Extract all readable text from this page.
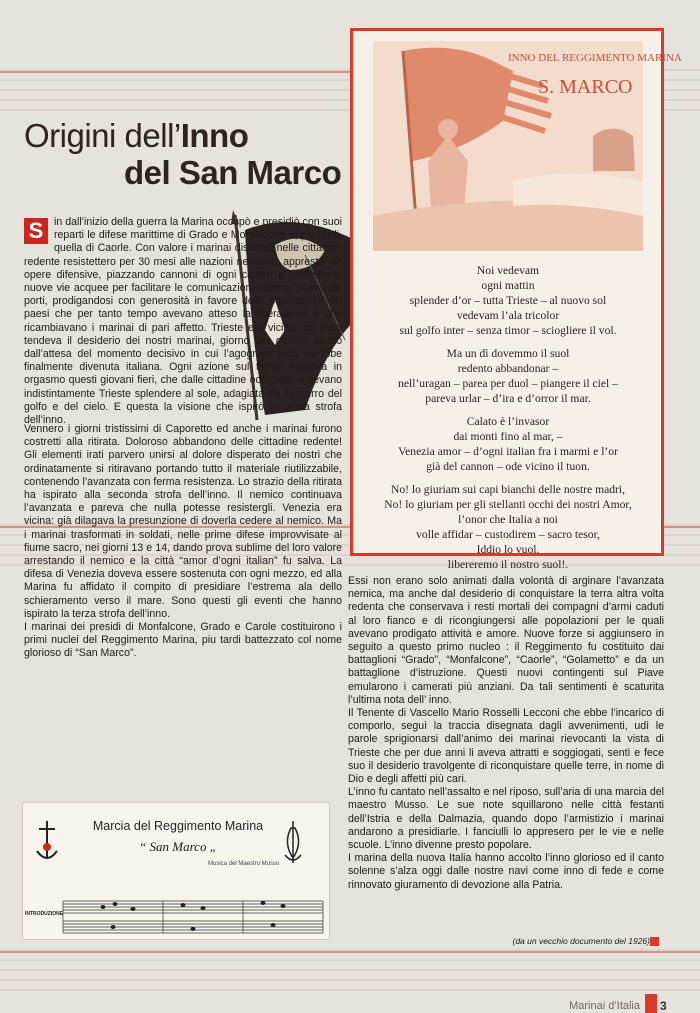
Origini dell’Inno
del San Marco
S	in dall’inizio della guerra la Marina occupò e presidiò con suoi reparti le difese marittime di Grado e Monfalcone e, più tardi, quella di Caorle. Con valore i marinai dislocati nelle cittadine redente resistettero per 30 mesi alle nazioni nemiche, apprestando opere difensive, piazzando cannoni di ogni calibro e costruendo nuove vie acquee per facilitare le comunicazioni interne, scavando porti, prodigandosi con generosità in favore delle popolazioni dei paesi che per tanto tempo avevano atteso la liberazione e che ricambiavano i marinai di pari affetto. Trieste era vicina: ad essa tendeva il desiderio dei nostri marinai, giorno per giorno, acuito dall’attesa del momento decisivo in cui l’agognata città sarebbe finalmente divenuta italiana. Ogni azione sul fronte metteva in orgasmo questi giovani fieri, che dalle cittadine occupate vedevano indistintamente Trieste splendere al sole, adagiata tra l’azzurro del golfo e del cielo. E questa la visione che ispirò la prima strofa dell’inno.

Vennero i giorni tristissimi di Caporetto ed anche i marinai furono costretti alla ritirata. Doloroso abbandono delle cittadine redente! Gli elementi irati parvero unirsi al dolore disperato dei nostri che ordinatamente si ritiravano portando tutto il materiale riutilizzabile, contenendo l’avanzata con ferma resistenza. Lo strazio della ritirata ha ispirato alla seconda strofa dell’inno. Il nemico continuava l’avanzata e pareva che nulla potesse resistergli. Venezia era vicina: già dilagava la presunzione di doverla cedere al nemico. Ma i marinai trasformati in soldati, nelle prime difese improvvisate al fiume sacro, nei giorni 13 e 14, dando prova sublime del loro valore arrestando il nemico e la città “amor d’ogni italian” fu salva. La difesa di Venezia doveva essere sostenuta con ogni mezzo, ed alla Marina fu affidato il compito di presidiare l’estrema ala dello schieramento verso il mare. Sono questi gli eventi che hanno ispirato la terza strofa dell’inno.

I marinai dei presidi di Monfalcone, Grado e Carole costituirono i primi nuclei del Reggimento Marina, piu tardi battezzato col nome glorioso di “San Marco”.

INNO DEL REGGIMENTO MARINA
S. MARCO
Noi vedevam
ogni mattin
splender d’or – tutta Trieste – al nuovo sol
vedevam l’ala tricolor
sul golfo inter – senza timor – sciogliere il vol.
Ma un dì dovemmo il suol
redento abbandonar –
nell’uragan – parea per duol – piangere il ciel –
pareva urlar – d’ira e d’orror il mar.
Calato è l’invasor
dai monti fino al mar, –
Venezia amor – d’ogni italian fra i marmi e l’or
già del cannon – ode vicino il tuon.
No! lo giuriam sui capi bianchi delle nostre madri,
No! lo giuriam per gli stellanti occhi dei nostri Amor,
l’onor che Italia a noi
volle affidar – custodirem – sacro tesor,
Iddio lo vuol.
libereremo il nostro suol!.

Essi non erano solo animati dalla volontà di arginare l’avanzata nemica, ma anche dal desiderio di conquistare la terra altra volta redenta che conservava i resti mortali dei compagni d’armi caduti al loro fianco e di ricongiungersi alle popolazioni per le quali avevano prodigato attività e amore. Nuove forze si aggiunsero in seguito a questo primo nucleo : il Reggimento fu costituito dai battaglioni “Grado”, “Monfalcone”, “Caorle”, “Golametto” e da un battaglione d’istruzione. Questi nuovi contingenti sul Piave emularono i camerati più anziani. Da tali sentimenti è scaturita l’ultima nota dell’ inno.

Il Tenente di Vascello Mario Rosselli Lecconi che ebbe l’incarico di comporlo, seguì la traccia disegnata dagli avvenimenti, udì le parole sprigionarsi dall’animo dei marinai rievocanti la vista di Trieste che per due anni li aveva attratti e soggiogati, sentì e fece suo il desiderio travolgente di riconquistare quelle terre, in nome di Dio e degli affetti più cari.

L’inno fu cantato nell’assalto e nel riposo, sull’aria di una marcia del maestro Musso. Le sue note squillarono nelle città festanti dell’Istria e della Dalmazia, quando dopo l’armistizio i marinai andarono a presidiarle. I fanciulli lo appresero per le vie e nelle scuole. L’inno divenne presto popolare.

I marina della nuova Italia hanno accolto l’inno glorioso ed il canto solenne s’alza oggi dalle nostre navi come inno di fede e come rinnovato giuramento di devozione alla Patria.

(da un vecchio documento del 1926)
Marcia del Reggimento Marina
“ San Marco „
Musica del Maestro Musso
INTRODUZIONE
Marinai d’Italia 3
